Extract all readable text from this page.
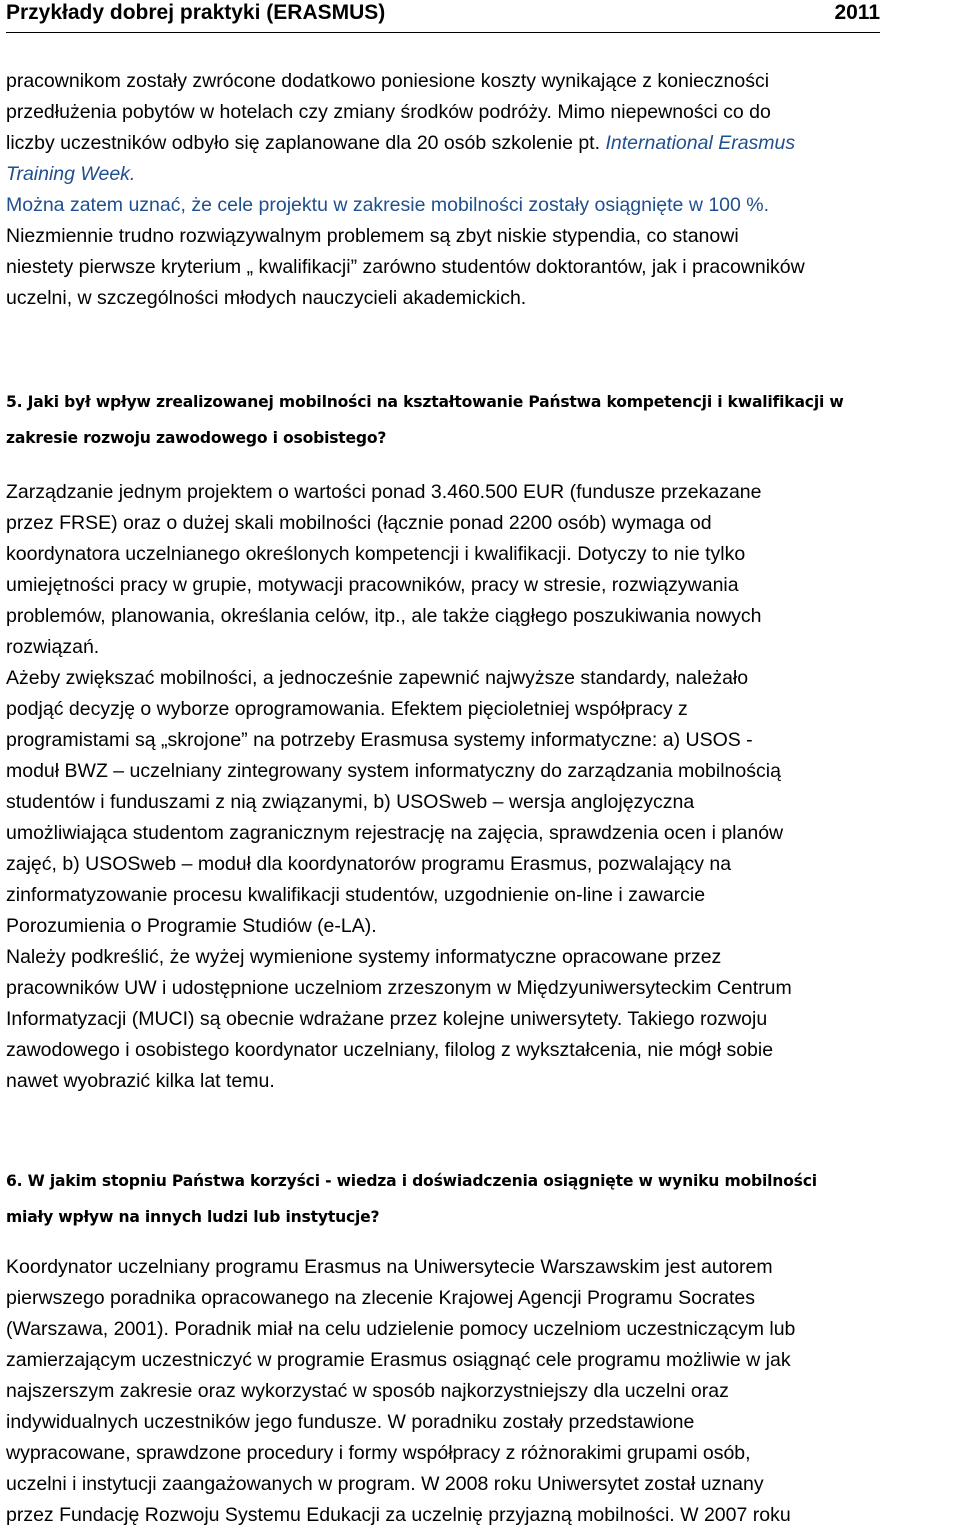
Przykłady dobrej praktyki (ERASMUS)	2011
pracownikom zostały zwrócone dodatkowo poniesione koszty wynikające z konieczności
przedłużenia pobytów w hotelach czy zmiany środków podróży. Mimo niepewności co do
liczby uczestników odbyło się zaplanowane dla 20 osób szkolenie pt. International Erasmus
Training Week.
Można zatem uznać, że cele projektu w zakresie mobilności zostały osiągnięte w 100 %.
Niezmiennie trudno rozwiązywalnym problemem są zbyt niskie stypendia, co stanowi
niestety pierwsze kryterium „ kwalifikacji” zarówno studentów doktorantów, jak i pracowników
uczelni, w szczególności młodych nauczycieli akademickich.
5. Jaki był wpływ zrealizowanej mobilności na kształtowanie Państwa kompetencji i kwalifikacji w
zakresie rozwoju zawodowego i osobistego?
Zarządzanie jednym projektem o wartości ponad 3.460.500 EUR (fundusze przekazane
przez FRSE) oraz o dużej skali mobilności (łącznie ponad 2200 osób) wymaga od
koordynatora uczelnianego określonych kompetencji i kwalifikacji. Dotyczy to nie tylko
umiejętności pracy w grupie, motywacji pracowników, pracy w stresie, rozwiązywania
problemów, planowania, określania celów, itp., ale także ciągłego poszukiwania nowych
rozwiązań.
Ażeby zwiększać mobilności, a jednocześnie zapewnić najwyższe standardy, należało
podjąć decyzję o wyborze oprogramowania. Efektem pięcioletniej współpracy z
programistami są „skrojone” na potrzeby Erasmusa systemy informatyczne: a) USOS -
moduł BWZ – uczelniany zintegrowany system informatyczny do zarządzania mobilnością
studentów i funduszami z nią związanymi, b) USOSweb – wersja anglojęzyczna
umożliwiająca studentom zagranicznym rejestrację na zajęcia, sprawdzenia ocen i planów
zajęć, b) USOSweb – moduł dla koordynatorów programu Erasmus, pozwalający na
zinformatyzowanie procesu kwalifikacji studentów, uzgodnienie on-line i zawarcie
Porozumienia o Programie Studiów (e-LA).
Należy podkreślić, że wyżej wymienione systemy informatyczne opracowane przez
pracowników UW i udostępnione uczelniom zrzeszonym w Międzyuniwersyteckim Centrum
Informatyzacji (MUCI) są obecnie wdrażane przez kolejne uniwersytety. Takiego rozwoju
zawodowego i osobistego koordynator uczelniany, filolog z wykształcenia, nie mógł sobie
nawet wyobrazić kilka lat temu.
6. W jakim stopniu Państwa korzyści - wiedza i doświadczenia osiągnięte w wyniku mobilności
miały wpływ na innych ludzi lub instytucje?
Koordynator uczelniany programu Erasmus na Uniwersytecie Warszawskim jest autorem
pierwszego poradnika opracowanego na zlecenie Krajowej Agencji Programu Socrates
(Warszawa, 2001). Poradnik miał na celu udzielenie pomocy uczelniom uczestniczącym lub
zamierzającym uczestniczyć w programie Erasmus osiągnąć cele programu możliwie w jak
najszerszym zakresie oraz wykorzystać w sposób najkorzystniejszy dla uczelni oraz
indywidualnych uczestników jego fundusze. W poradniku zostały przedstawione
wypracowane, sprawdzone procedury i formy współpracy z różnorakimi grupami osób,
uczelni i instytucji zaangażowanych w program. W 2008 roku Uniwersytet został uznany
przez Fundację Rozwoju Systemu Edukacji za uczelnię przyjazną mobilności. W 2007 roku
